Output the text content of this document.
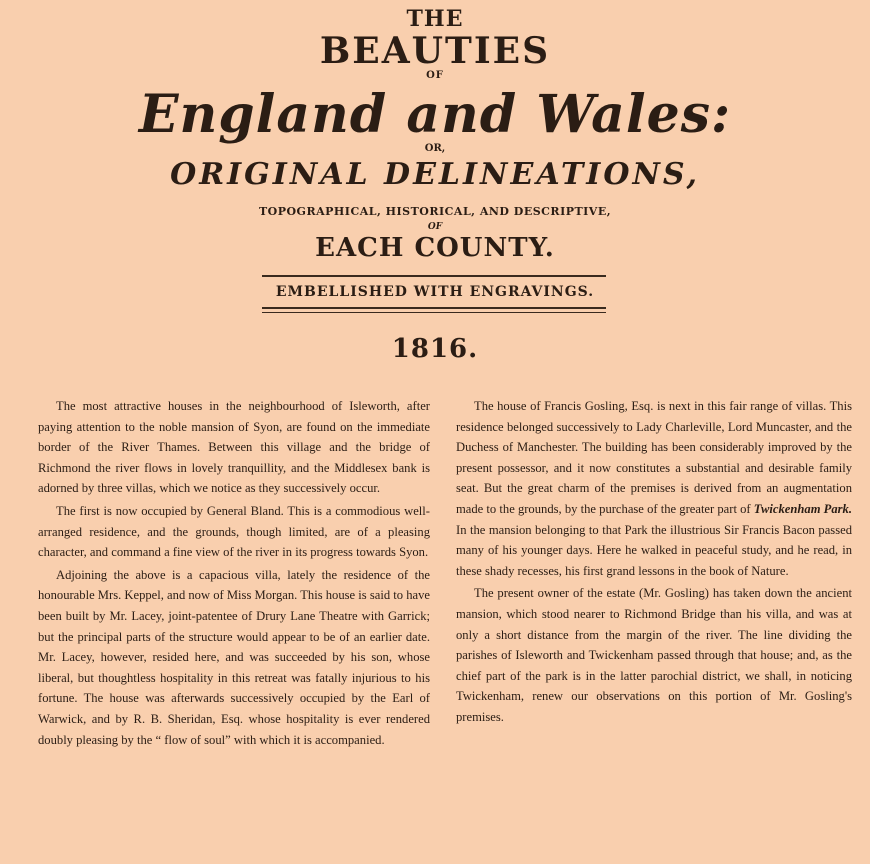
THE
BEAUTIES
OF
England and Wales:
OR,
ORIGINAL DELINEATIONS,
TOPOGRAPHICAL, HISTORICAL, AND DESCRIPTIVE,
OF
EACH COUNTY.
EMBELLISHED WITH ENGRAVINGS.
1816.

The most attractive houses in the neighbourhood of Isleworth, after paying attention to the noble mansion of Syon, are found on the immediate border of the River Thames. Between this village and the bridge of Richmond the river flows in lovely tranquillity, and the Middlesex bank is adorned by three villas, which we notice as they successively occur.

The first is now occupied by General Bland. This is a commodious well-arranged residence, and the grounds, though limited, are of a pleasing character, and command a fine view of the river in its progress towards Syon.

Adjoining the above is a capacious villa, lately the residence of the honourable Mrs. Keppel, and now of Miss Morgan. This house is said to have been built by Mr. Lacey, joint-patentee of Drury Lane Theatre with Garrick; but the principal parts of the structure would appear to be of an earlier date. Mr. Lacey, however, resided here, and was succeeded by his son, whose liberal, but thoughtless hospitality in this retreat was fatally injurious to his fortune. The house was afterwards successively occupied by the Earl of Warwick, and by R. B. Sheridan, Esq. whose hospitality is ever rendered doubly pleasing by the “ flow of soul” with which it is accompanied.

The house of Francis Gosling, Esq. is next in this fair range of villas. This residence belonged successively to Lady Charleville, Lord Muncaster, and the Duchess of Manchester. The building has been considerably improved by the present possessor, and it now constitutes a substantial and desirable family seat. But the great charm of the premises is derived from an augmentation made to the grounds, by the purchase of the greater part of Twickenham Park. In the mansion belonging to that Park the illustrious Sir Francis Bacon passed many of his younger days. Here he walked in peaceful study, and he read, in these shady recesses, his first grand lessons in the book of Nature.

The present owner of the estate (Mr. Gosling) has taken down the ancient mansion, which stood nearer to Richmond Bridge than his villa, and was at only a short distance from the margin of the river. The line dividing the parishes of Isleworth and Twickenham passed through that house; and, as the chief part of the park is in the latter parochial district, we shall, in noticing Twickenham, renew our observations on this portion of Mr. Gosling's premises.
